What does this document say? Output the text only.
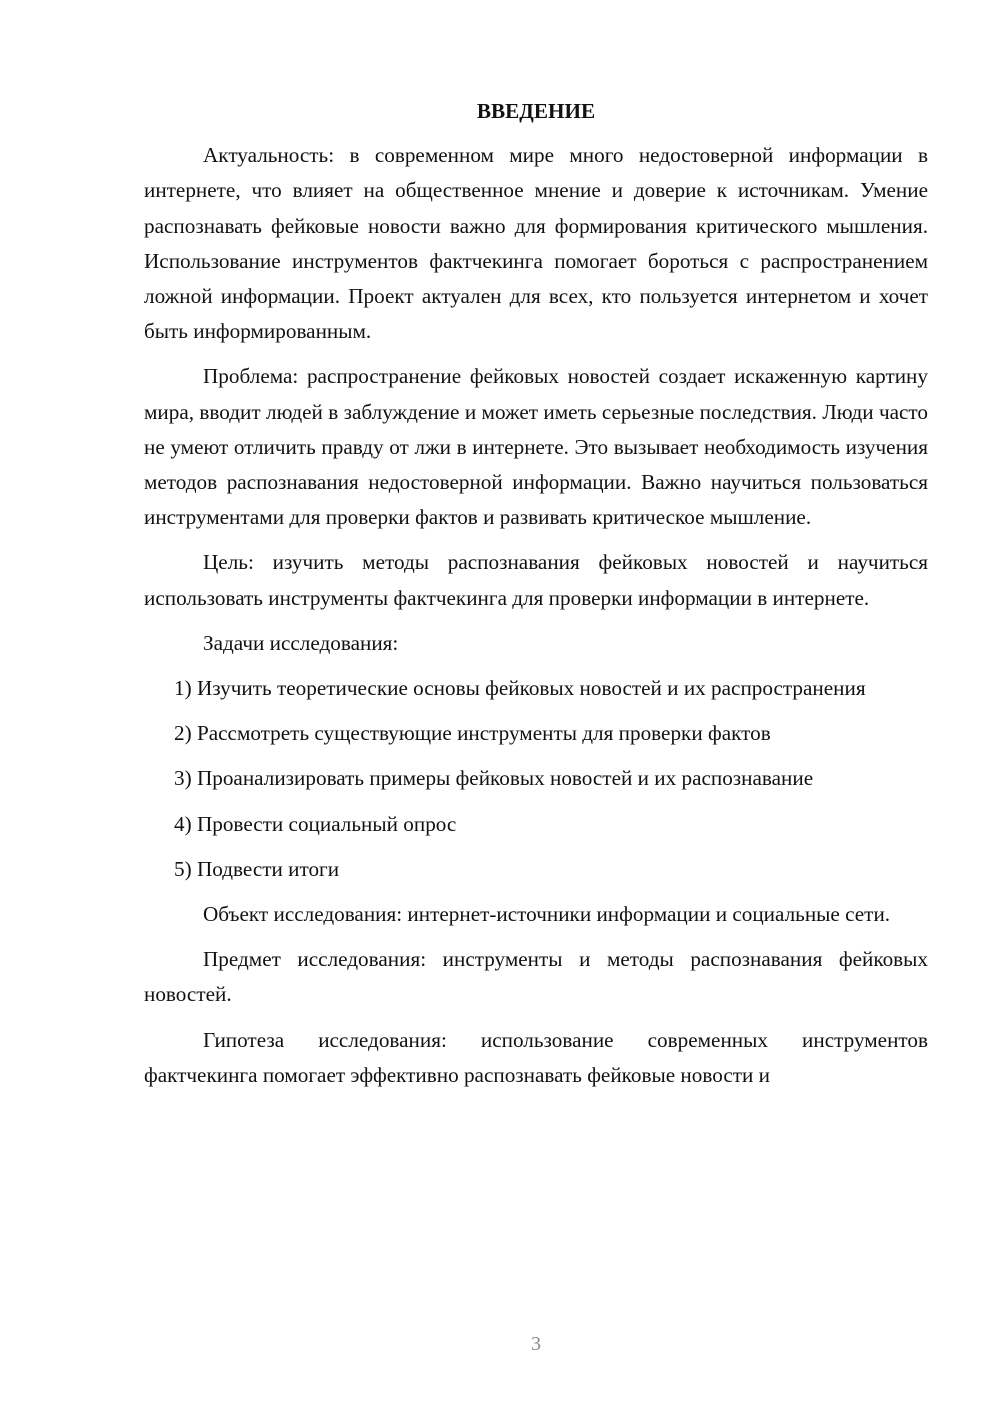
ВВЕДЕНИЕ

Актуальность: в современном мире много недостоверной информации в интернете, что влияет на общественное мнение и доверие к источникам. Умение распознавать фейковые новости важно для формирования критического мышления. Использование инструментов фактчекинга помогает бороться с распространением ложной информации. Проект актуален для всех, кто пользуется интернетом и хочет быть информированным.

Проблема: распространение фейковых новостей создает искаженную картину мира, вводит людей в заблуждение и может иметь серьезные последствия. Люди часто не умеют отличить правду от лжи в интернете. Это вызывает необходимость изучения методов распознавания недостоверной информации. Важно научиться пользоваться инструментами для проверки фактов и развивать критическое мышление.

Цель: изучить методы распознавания фейковых новостей и научиться использовать инструменты фактчекинга для проверки информации в интернете.

Задачи исследования:

1) Изучить теоретические основы фейковых новостей и их распространения

2) Рассмотреть существующие инструменты для проверки фактов

3) Проанализировать примеры фейковых новостей и их распознавание

4) Провести социальный опрос

5) Подвести итоги

Объект исследования: интернет-источники информации и социальные сети.

Предмет исследования: инструменты и методы распознавания фейковых новостей.

Гипотеза исследования: использование современных инструментов фактчекинга помогает эффективно распознавать фейковые новости и

3
